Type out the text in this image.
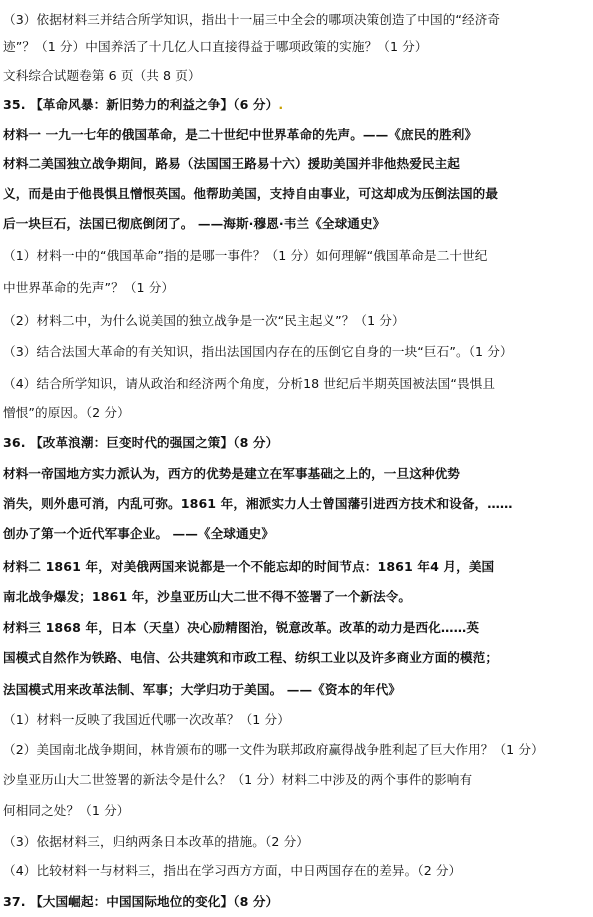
（3）依据材料三并结合所学知识，指出十一届三中全会的哪项决策创造了中国的“经济奇
迹”？（1 分）中国养活了十几亿人口直接得益于哪项政策的实施？（1 分）
文科综合试题卷第 6 页（共 8 页）
35. 【革命风暴：新旧势力的利益之争】（6 分）.
材料一 一九一七年的俄国革命，是二十世纪中世界革命的先声。——《庶民的胜利》
材料二美国独立战争期间，路易（法国国王路易十六）援助美国并非他热爱民主起
义，而是由于他畏惧且憎恨英国。他帮助美国，支持自由事业，可这却成为压倒法国的最
后一块巨石，法国已彻底倒闭了。 ——海斯·穆恩·韦兰《全球通史》
（1）材料一中的“俄国革命”指的是哪一事件？（1 分）如何理解“俄国革命是二十世纪
中世界革命的先声”？（1 分）
（2）材料二中，为什么说美国的独立战争是一次“民主起义”？（1 分）
（3）结合法国大革命的有关知识，指出法国国内存在的压倒它自身的一块“巨石”。（1 分）
（4）结合所学知识，请从政治和经济两个角度，分析18 世纪后半期英国被法国“畏惧且
憎恨”的原因。（2 分）
36. 【改革浪潮：巨变时代的强国之策】（8 分）
材料一帝国地方实力派认为，西方的优势是建立在军事基础之上的，一旦这种优势
消失，则外患可消，内乱可弥。1861 年，湘派实力人士曾国藩引进西方技术和设备，……
创办了第一个近代军事企业。 ——《全球通史》
材料二 1861 年，对美俄两国来说都是一个不能忘却的时间节点：1861 年4 月，美国
南北战争爆发；1861 年，沙皇亚历山大二世不得不签署了一个新法令。
材料三 1868 年，日本（天皇）决心励精图治，锐意改革。改革的动力是西化……英
国模式自然作为铁路、电信、公共建筑和市政工程、纺织工业以及许多商业方面的模范；
法国模式用来改革法制、军事；大学归功于美国。 ——《资本的年代》
（1）材料一反映了我国近代哪一次改革？（1 分）
（2）美国南北战争期间，林肯颁布的哪一文件为联邦政府赢得战争胜利起了巨大作用？（1 分）
沙皇亚历山大二世签署的新法令是什么？（1 分）材料二中涉及的两个事件的影响有
何相同之处？（1 分）
（3）依据材料三，归纳两条日本改革的措施。（2 分）
（4）比较材料一与材料三，指出在学习西方方面，中日两国存在的差异。（2 分）
37. 【大国崛起：中国国际地位的变化】（8 分）
